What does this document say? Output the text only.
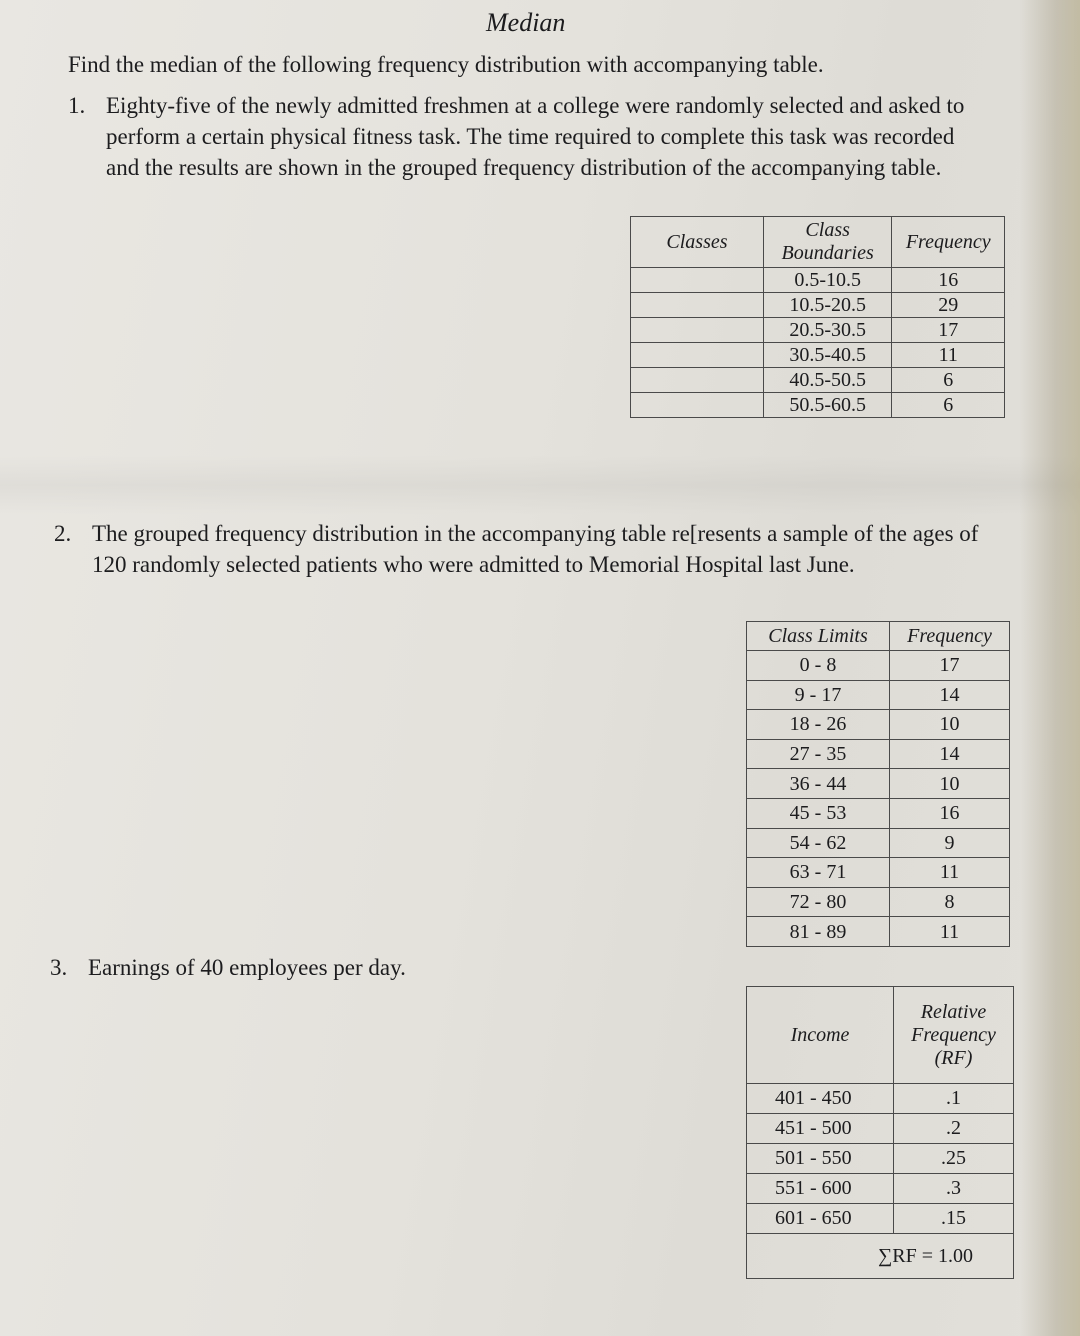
Median
Find the median of the following frequency distribution with accompanying table.
1. Eighty-five of the newly admitted freshmen at a college were randomly selected and asked to perform a certain physical fitness task. The time required to complete this task was recorded and the results are shown in the grouped frequency distribution of the accompanying table.
Classes	Class Boundaries	Frequency
	0.5-10.5	16
	10.5-20.5	29
	20.5-30.5	17
	30.5-40.5	11
	40.5-50.5	6
	50.5-60.5	6
2. The grouped frequency distribution in the accompanying table re[resents a sample of the ages of 120 randomly selected patients who were admitted to Memorial Hospital last June.
Class Limits	Frequency
0 - 8	17
9 - 17	14
18 - 26	10
27 - 35	14
36 - 44	10
45 - 53	16
54 - 62	9
63 - 71	11
72 - 80	8
81 - 89	11
3. Earnings of 40 employees per day.
Income	Relative Frequency (RF)
401 - 450	.1
451 - 500	.2
501 - 550	.25
551 - 600	.3
601 - 650	.15
∑RF = 1.00	
